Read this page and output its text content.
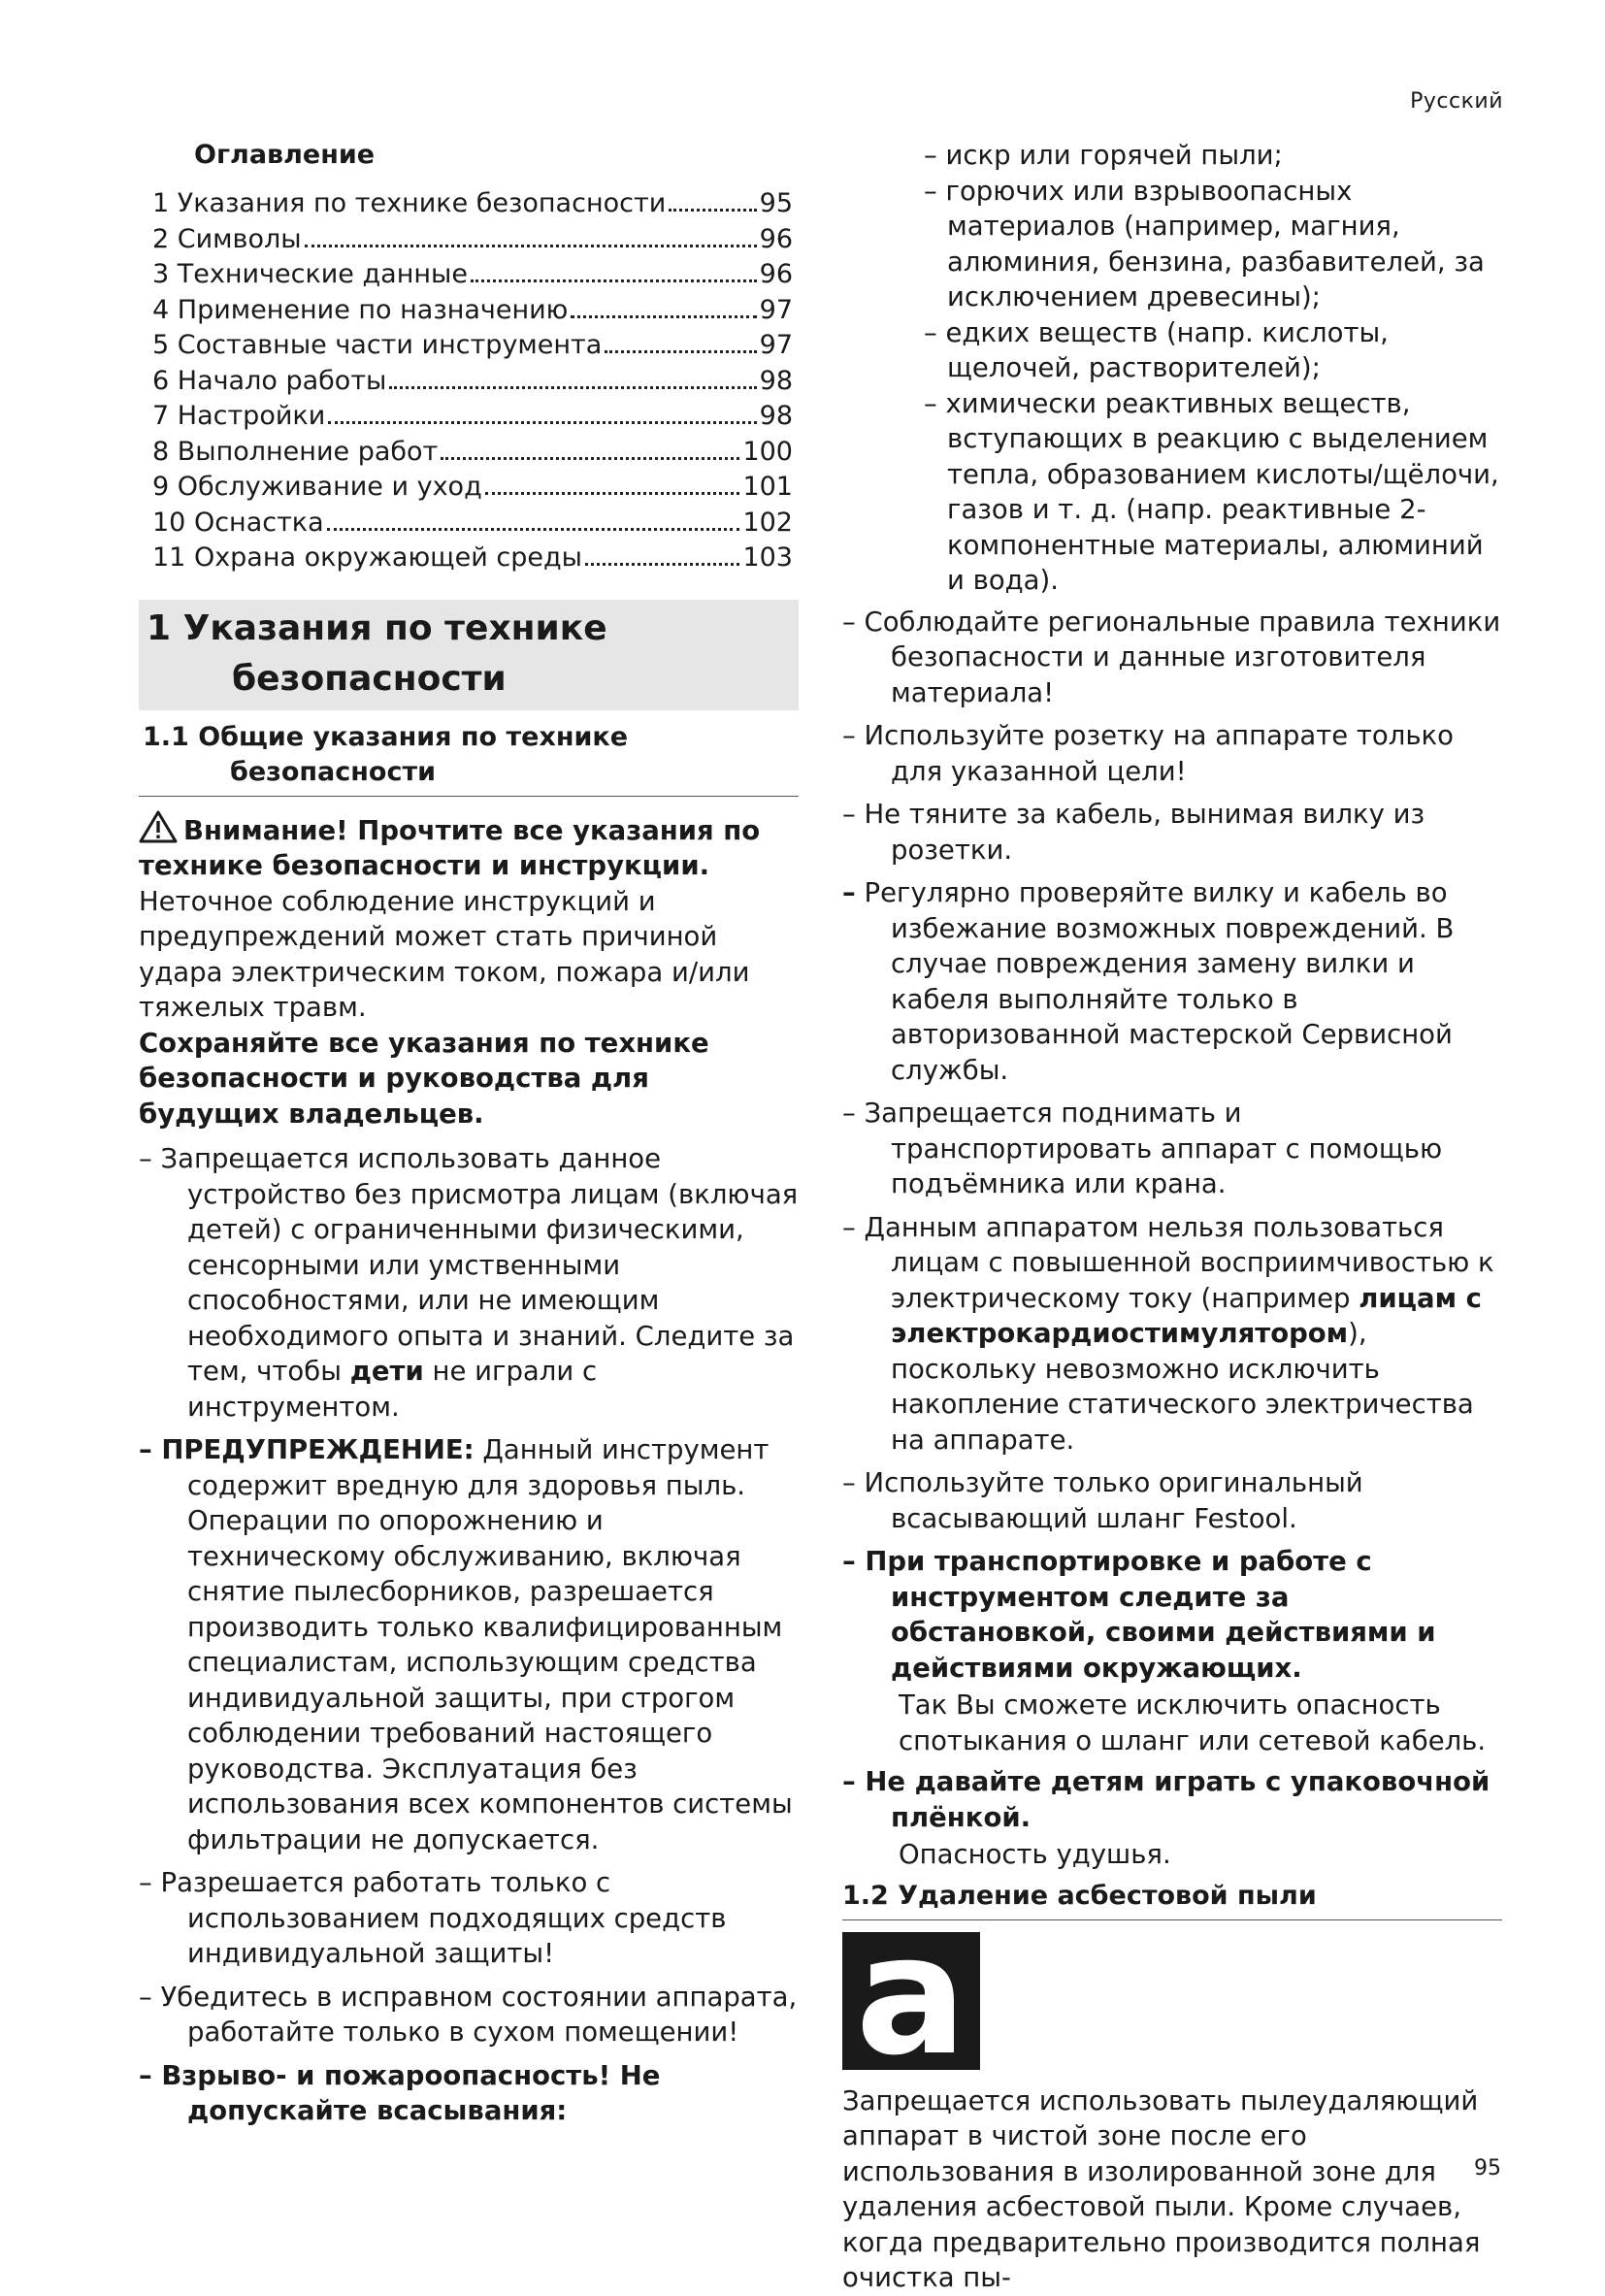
Русский
Оглавление
1 Указания по технике безопасности	95
2 Символы	96
3 Технические данные	96
4 Применение по назначению	97
5 Составные части инструмента	97
6 Начало работы	98
7 Настройки	98
8 Выполнение работ	100
9 Обслуживание и уход	101
10 Оснастка	102
11 Охрана окружающей среды	103
1 Указания по технике
безопасности
1.1 Общие указания по технике
безопасности

Внимание! Прочтите все указания по технике безопасности и инструкции. Неточное соблюдение инструкций и предупреждений может стать причиной удара электрическим током, пожара и/или тяжелых травм.

Сохраняйте все указания по технике безопасности и руководства для будущих владельцев.

– Запрещается использовать данное устройство без присмотра лицам (включая детей) с ограниченными физическими, сенсорными или умственными способностями, или не имеющим необходимого опыта и знаний. Следите за тем, чтобы дети не играли с инструментом.

– ПРЕДУПРЕЖДЕНИЕ: Данный инструмент содержит вредную для здоровья пыль. Операции по опорожнению и техническому обслуживанию, включая снятие пылесборников, разрешается производить только квалифицированным специалистам, использующим средства индивидуальной защиты, при строгом соблюдении требований настоящего руководства. Эксплуатация без использования всех компонентов системы фильтрации не допускается.

– Разрешается работать только с использованием подходящих средств индивидуальной защиты!

– Убедитесь в исправном состоянии аппарата, работайте только в сухом помещении!

– Взрыво- и пожароопасность! Не допускайте всасывания:

– искр или горячей пыли;

– горючих или взрывоопасных материалов (например, магния, алюминия, бензина, разбавителей, за исключением древесины);

– едких веществ (напр. кислоты, щелочей, растворителей);

– химически реактивных веществ, вступающих в реакцию с выделением тепла, образованием кислоты/щёлочи, газов и т. д. (напр. реактивные 2-компонентные материалы, алюминий и вода).

– Соблюдайте региональные правила техники безопасности и данные изготовителя материала!

– Используйте розетку на аппарате только для указанной цели!

– Не тяните за кабель, вынимая вилку из розетки.

– Регулярно проверяйте вилку и кабель во избежание возможных повреждений. В случае повреждения замену вилки и кабеля выполняйте только в авторизованной мастерской Сервисной службы.

– Запрещается поднимать и транспортировать аппарат с помощью подъёмника или крана.

– Данным аппаратом нельзя пользоваться лицам с повышенной восприимчивостью к электрическому току (например лицам с электрокардиостимулятором), поскольку невозможно исключить накопление статического электричества на аппарате.

– Используйте только оригинальный всасывающий шланг Festool.

– При транспортировке и работе с инструментом следите за обстановкой, своими действиями и действиями окружающих.

Так Вы сможете исключить опасность спотыкания о шланг или сетевой кабель.

– Не давайте детям играть с упаковочной плёнкой.

Опасность удушья.

1.2 Удаление асбестовой пыли
a

Запрещается использовать пылеудаляющий аппарат в чистой зоне после его использования в изолированной зоне для удаления асбестовой пыли. Кроме случаев, когда предварительно производится полная очистка пы-

95
